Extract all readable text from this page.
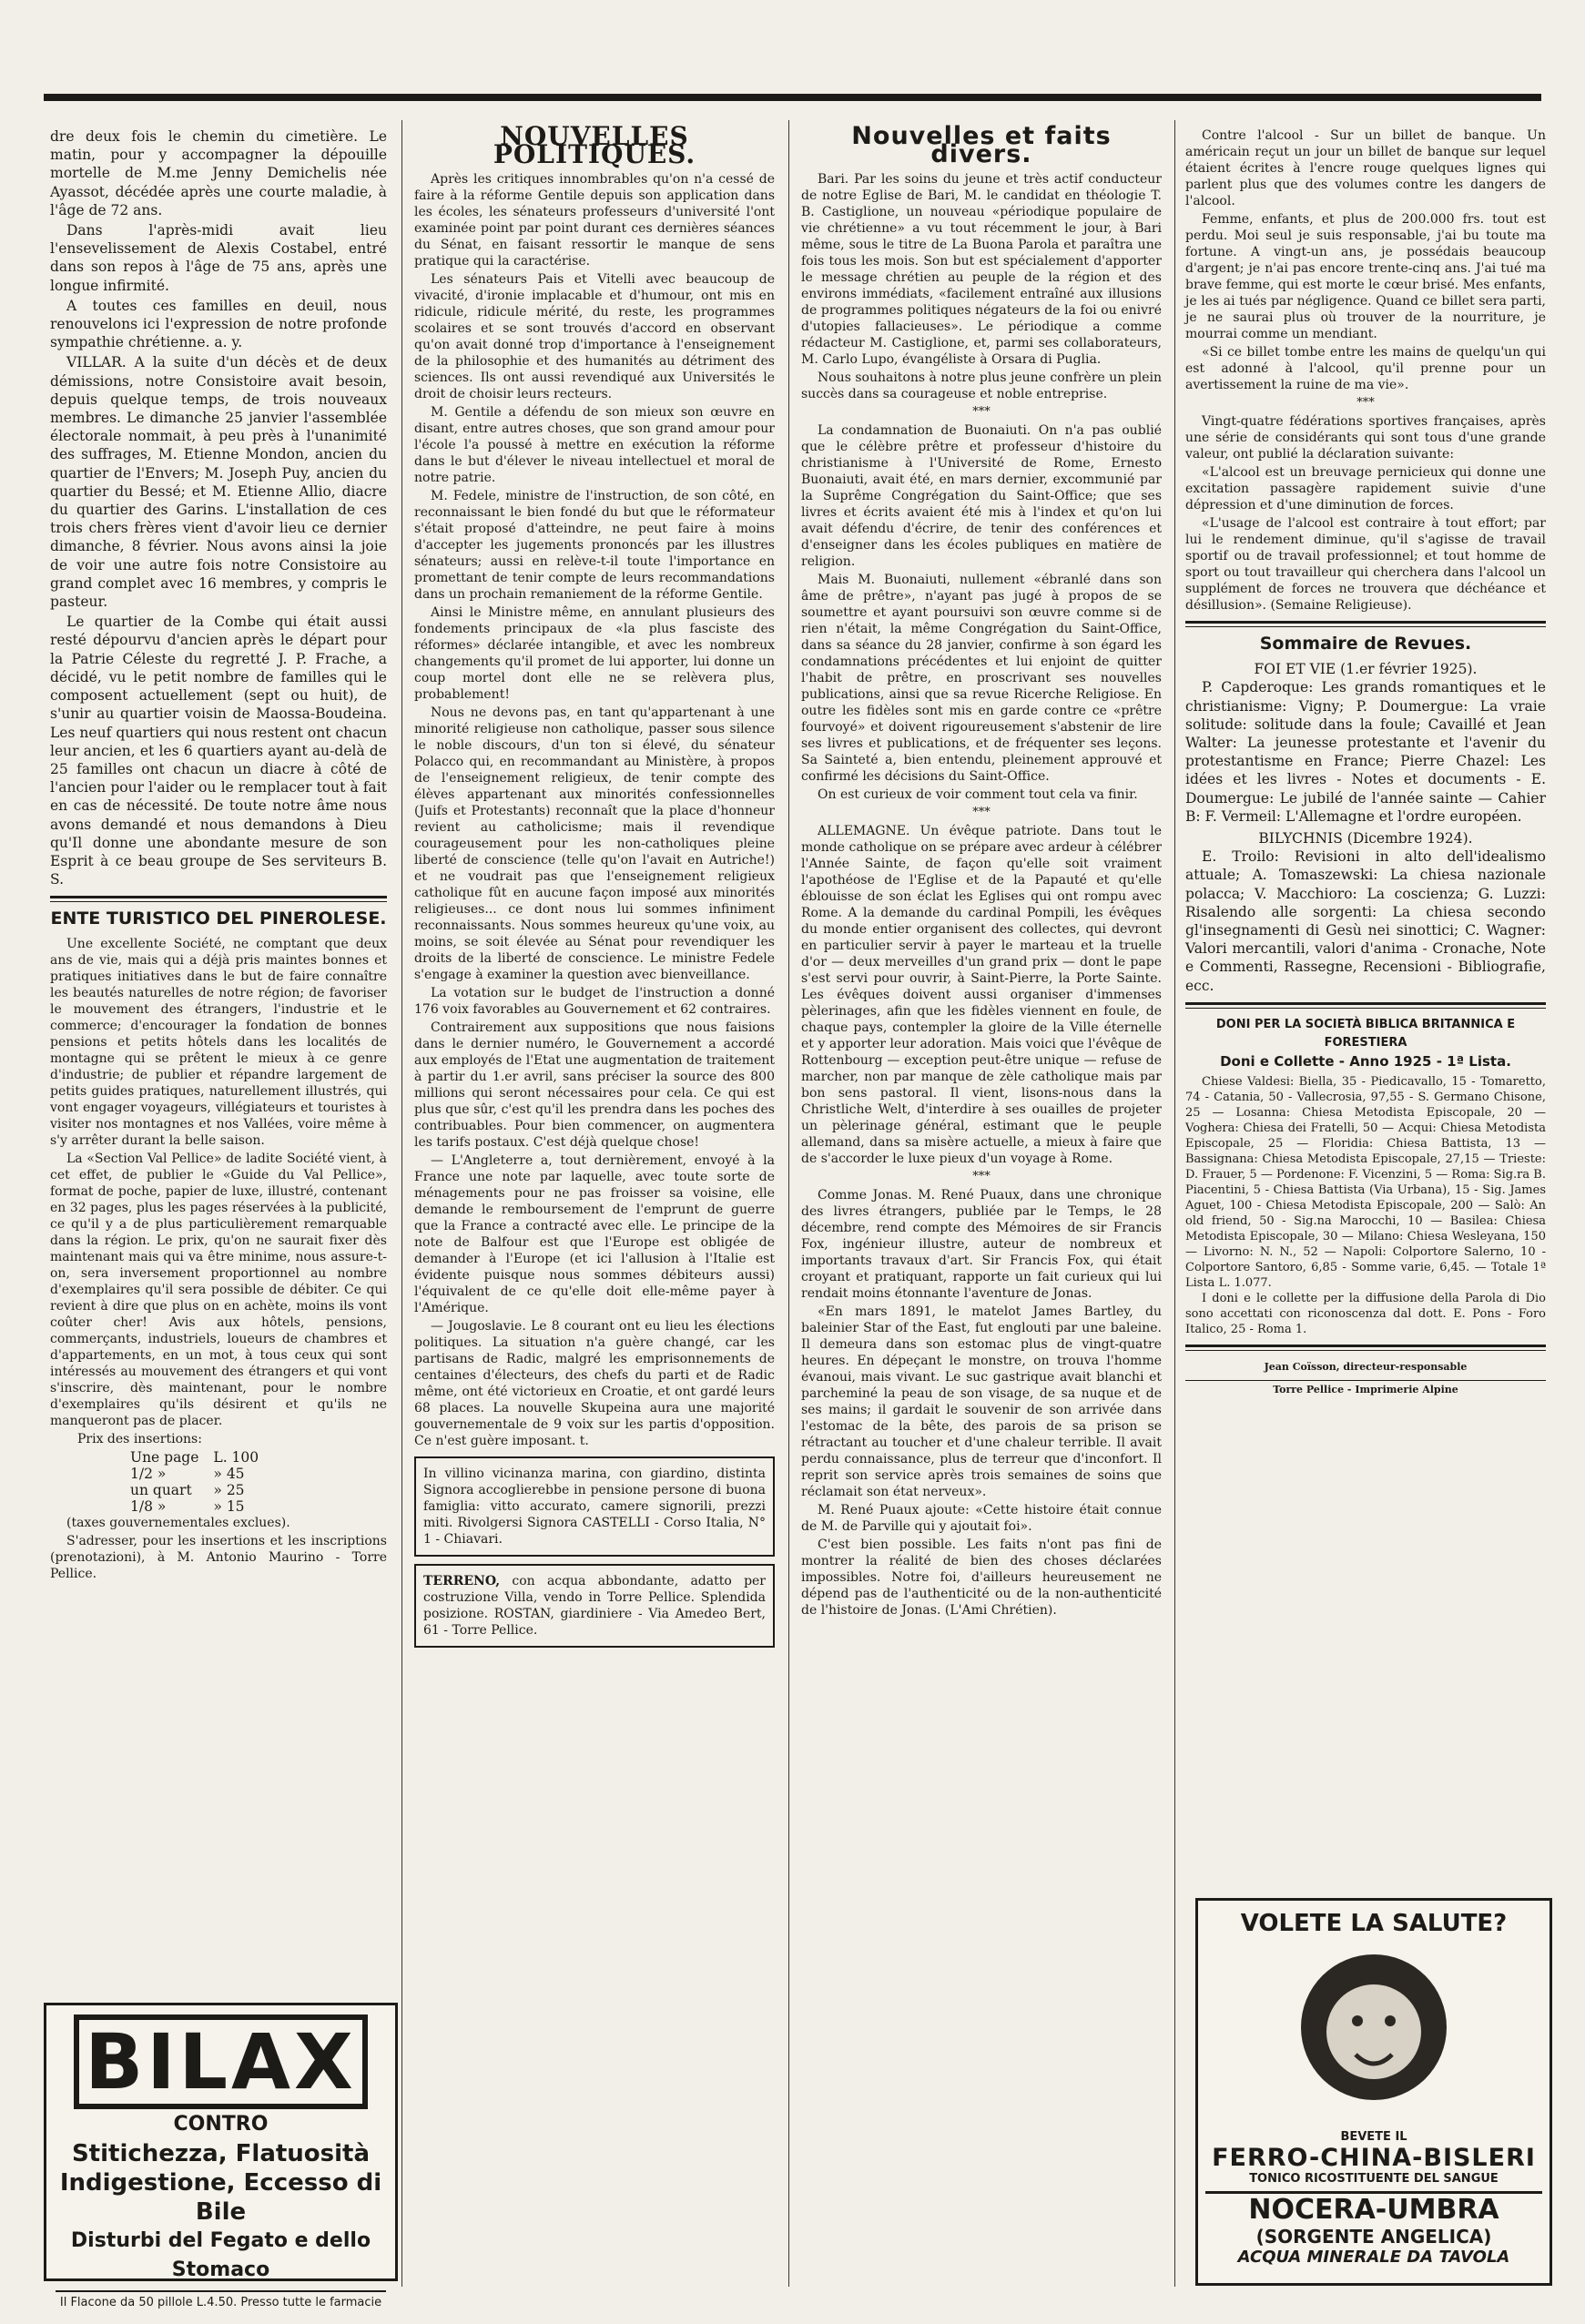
dre deux fois le chemin du cimetière. Le matin, pour y accompagner la dépouille mortelle de M.me Jenny Demichelis née Ayassot, décédée après une courte maladie, à l'âge de 72 ans.

Dans l'après-midi avait lieu l'ensevelissement de Alexis Costabel, entré dans son repos à l'âge de 75 ans, après une longue infirmité.

A toutes ces familles en deuil, nous renouvelons ici l'expression de notre profonde sympathie chrétienne. a. y.

VILLAR. A la suite d'un décès et de deux démissions, notre Consistoire avait besoin, depuis quelque temps, de trois nouveaux membres. Le dimanche 25 janvier l'assemblée électorale nommait, à peu près à l'unanimité des suffrages, M. Etienne Mondon, ancien du quartier de l'Envers; M. Joseph Puy, ancien du quartier du Bessé; et M. Etienne Allio, diacre du quartier des Garins. L'installation de ces trois chers frères vient d'avoir lieu ce dernier dimanche, 8 février. Nous avons ainsi la joie de voir une autre fois notre Consistoire au grand complet avec 16 membres, y compris le pasteur.

Le quartier de la Combe qui était aussi resté dépourvu d'ancien après le départ pour la Patrie Céleste du regretté J. P. Frache, a décidé, vu le petit nombre de familles qui le composent actuellement (sept ou huit), de s'unir au quartier voisin de Maossa-Boudeina. Les neuf quartiers qui nous restent ont chacun leur ancien, et les 6 quartiers ayant au-delà de 25 familles ont chacun un diacre à côté de l'ancien pour l'aider ou le remplacer tout à fait en cas de nécessité. De toute notre âme nous avons demandé et nous demandons à Dieu qu'Il donne une abondante mesure de son Esprit à ce beau groupe de Ses serviteurs B. S.

ENTE TURISTICO DEL PINEROLESE.

Une excellente Société, ne comptant que deux ans de vie, mais qui a déjà pris maintes bonnes et pratiques initiatives dans le but de faire connaître les beautés naturelles de notre région; de favoriser le mouvement des étrangers, l'industrie et le commerce; d'encourager la fondation de bonnes pensions et petits hôtels dans les localités de montagne qui se prêtent le mieux à ce genre d'industrie; de publier et répandre largement de petits guides pratiques, naturellement illustrés, qui vont engager voyageurs, villégiateurs et touristes à visiter nos montagnes et nos Vallées, voire même à s'y arrêter durant la belle saison.

La «Section Val Pellice» de ladite Société vient, à cet effet, de publier le «Guide du Val Pellice», format de poche, papier de luxe, illustré, contenant en 32 pages, plus les pages réservées à la publicité, ce qu'il y a de plus particulièrement remarquable dans la région. Le prix, qu'on ne saurait fixer dès maintenant mais qui va être minime, nous assure-t-on, sera inversement proportionnel au nombre d'exemplaires qu'il sera possible de débiter. Ce qui revient à dire que plus on en achète, moins ils vont coûter cher! Avis aux hôtels, pensions, commerçants, industriels, loueurs de chambres et d'appartements, en un mot, à tous ceux qui sont intéressés au mouvement des étrangers et qui vont s'inscrire, dès maintenant, pour le nombre d'exemplaires qu'ils désirent et qu'ils ne manqueront pas de placer.

Prix des insertions:

Une page	L. 100
1/2 »	» 45
un quart	» 25
1/8 »	» 15

(taxes gouvernementales exclues).

S'adresser, pour les insertions et les inscriptions (prenotazioni), à M. Antonio Maurino - Torre Pellice.

BILAX
CONTRO
Stitichezza, Flatuosità
Indigestione, Eccesso di Bile
Disturbi del Fegato e dello Stomaco
Il Flacone da 50 pillole L.4.50. Presso tutte le farmacie
NOUVELLES POLITIQUES.

Après les critiques innombrables qu'on n'a cessé de faire à la réforme Gentile depuis son application dans les écoles, les sénateurs professeurs d'université l'ont examinée point par point durant ces dernières séances du Sénat, en faisant ressortir le manque de sens pratique qui la caractérise.

Les sénateurs Pais et Vitelli avec beaucoup de vivacité, d'ironie implacable et d'humour, ont mis en ridicule, ridicule mérité, du reste, les programmes scolaires et se sont trouvés d'accord en observant qu'on avait donné trop d'importance à l'enseignement de la philosophie et des humanités au détriment des sciences. Ils ont aussi revendiqué aux Universités le droit de choisir leurs recteurs.

M. Gentile a défendu de son mieux son œuvre en disant, entre autres choses, que son grand amour pour l'école l'a poussé à mettre en exécution la réforme dans le but d'élever le niveau intellectuel et moral de notre patrie.

M. Fedele, ministre de l'instruction, de son côté, en reconnaissant le bien fondé du but que le réformateur s'était proposé d'atteindre, ne peut faire à moins d'accepter les jugements prononcés par les illustres sénateurs; aussi en relève-t-il toute l'importance en promettant de tenir compte de leurs recommandations dans un prochain remaniement de la réforme Gentile.

Ainsi le Ministre même, en annulant plusieurs des fondements principaux de «la plus fasciste des réformes» déclarée intangible, et avec les nombreux changements qu'il promet de lui apporter, lui donne un coup mortel dont elle ne se relèvera plus, probablement!

Nous ne devons pas, en tant qu'appartenant à une minorité religieuse non catholique, passer sous silence le noble discours, d'un ton si élevé, du sénateur Polacco qui, en recommandant au Ministère, à propos de l'enseignement religieux, de tenir compte des élèves appartenant aux minorités confessionnelles (Juifs et Protestants) reconnaît que la place d'honneur revient au catholicisme; mais il revendique courageusement pour les non-catholiques pleine liberté de conscience (telle qu'on l'avait en Autriche!) et ne voudrait pas que l'enseignement religieux catholique fût en aucune façon imposé aux minorités religieuses... ce dont nous lui sommes infiniment reconnaissants. Nous sommes heureux qu'une voix, au moins, se soit élevée au Sénat pour revendiquer les droits de la liberté de conscience. Le ministre Fedele s'engage à examiner la question avec bienveillance.

La votation sur le budget de l'instruction a donné 176 voix favorables au Gouvernement et 62 contraires.

Contrairement aux suppositions que nous faisions dans le dernier numéro, le Gouvernement a accordé aux employés de l'Etat une augmentation de traitement à partir du 1.er avril, sans préciser la source des 800 millions qui seront nécessaires pour cela. Ce qui est plus que sûr, c'est qu'il les prendra dans les poches des contribuables. Pour bien commencer, on augmentera les tarifs postaux. C'est déjà quelque chose!

— L'Angleterre a, tout dernièrement, envoyé à la France une note par laquelle, avec toute sorte de ménagements pour ne pas froisser sa voisine, elle demande le remboursement de l'emprunt de guerre que la France a contracté avec elle. Le principe de la note de Balfour est que l'Europe est obligée de demander à l'Europe (et ici l'allusion à l'Italie est évidente puisque nous sommes débiteurs aussi) l'équivalent de ce qu'elle doit elle-même payer à l'Amérique.

— Jougoslavie. Le 8 courant ont eu lieu les élections politiques. La situation n'a guère changé, car les partisans de Radic, malgré les emprisonnements de centaines d'électeurs, des chefs du parti et de Radic même, ont été victorieux en Croatie, et ont gardé leurs 68 places. La nouvelle Skupeina aura une majorité gouvernementale de 9 voix sur les partis d'opposition. Ce n'est guère imposant. t.

In villino vicinanza marina, con giardino, distinta Signora accoglierebbe in pensione persone di buona famiglia: vitto accurato, camere signorili, prezzi miti. Rivolgersi Signora CASTELLI - Corso Italia, N° 1 - Chiavari.
TERRENO, con acqua abbondante, adatto per costruzione Villa, vendo in Torre Pellice. Splendida posizione. ROSTAN, giardiniere - Via Amedeo Bert, 61 - Torre Pellice.
Nouvelles et faits divers.

Bari. Par les soins du jeune et très actif conducteur de notre Eglise de Bari, M. le candidat en théologie T. B. Castiglione, un nouveau «périodique populaire de vie chrétienne» a vu tout récemment le jour, à Bari même, sous le titre de La Buona Parola et paraîtra une fois tous les mois. Son but est spécialement d'apporter le message chrétien au peuple de la région et des environs immédiats, «facilement entraîné aux illusions de programmes politiques négateurs de la foi ou enivré d'utopies fallacieuses». Le périodique a comme rédacteur M. Castiglione, et, parmi ses collaborateurs, M. Carlo Lupo, évangéliste à Orsara di Puglia.

Nous souhaitons à notre plus jeune confrère un plein succès dans sa courageuse et noble entreprise.

***

La condamnation de Buonaiuti. On n'a pas oublié que le célèbre prêtre et professeur d'histoire du christianisme à l'Université de Rome, Ernesto Buonaiuti, avait été, en mars dernier, excommunié par la Suprême Congrégation du Saint-Office; que ses livres et écrits avaient été mis à l'index et qu'on lui avait défendu d'écrire, de tenir des conférences et d'enseigner dans les écoles publiques en matière de religion.

Mais M. Buonaiuti, nullement «ébranlé dans son âme de prêtre», n'ayant pas jugé à propos de se soumettre et ayant poursuivi son œuvre comme si de rien n'était, la même Congrégation du Saint-Office, dans sa séance du 28 janvier, confirme à son égard les condamnations précédentes et lui enjoint de quitter l'habit de prêtre, en proscrivant ses nouvelles publications, ainsi que sa revue Ricerche Religiose. En outre les fidèles sont mis en garde contre ce «prêtre fourvoyé» et doivent rigoureusement s'abstenir de lire ses livres et publications, et de fréquenter ses leçons. Sa Sainteté a, bien entendu, pleinement approuvé et confirmé les décisions du Saint-Office.

On est curieux de voir comment tout cela va finir.

***

ALLEMAGNE. Un évêque patriote. Dans tout le monde catholique on se prépare avec ardeur à célébrer l'Année Sainte, de façon qu'elle soit vraiment l'apothéose de l'Eglise et de la Papauté et qu'elle éblouisse de son éclat les Eglises qui ont rompu avec Rome. A la demande du cardinal Pompili, les évêques du monde entier organisent des collectes, qui devront en particulier servir à payer le marteau et la truelle d'or — deux merveilles d'un grand prix — dont le pape s'est servi pour ouvrir, à Saint-Pierre, la Porte Sainte. Les évêques doivent aussi organiser d'immenses pèlerinages, afin que les fidèles viennent en foule, de chaque pays, contempler la gloire de la Ville éternelle et y apporter leur adoration. Mais voici que l'évêque de Rottenbourg — exception peut-être unique — refuse de marcher, non par manque de zèle catholique mais par bon sens pastoral. Il vient, lisons-nous dans la Christliche Welt, d'interdire à ses ouailles de projeter un pèlerinage général, estimant que le peuple allemand, dans sa misère actuelle, a mieux à faire que de s'accorder le luxe pieux d'un voyage à Rome.

***

Comme Jonas. M. René Puaux, dans une chronique des livres étrangers, publiée par le Temps, le 28 décembre, rend compte des Mémoires de sir Francis Fox, ingénieur illustre, auteur de nombreux et importants travaux d'art. Sir Francis Fox, qui était croyant et pratiquant, rapporte un fait curieux qui lui rendait moins étonnante l'aventure de Jonas.

«En mars 1891, le matelot James Bartley, du baleinier Star of the East, fut englouti par une baleine. Il demeura dans son estomac plus de vingt-quatre heures. En dépeçant le monstre, on trouva l'homme évanoui, mais vivant. Le suc gastrique avait blanchi et parcheminé la peau de son visage, de sa nuque et de ses mains; il gardait le souvenir de son arrivée dans l'estomac de la bête, des parois de sa prison se rétractant au toucher et d'une chaleur terrible. Il avait perdu connaissance, plus de terreur que d'inconfort. Il reprit son service après trois semaines de soins que réclamait son état nerveux».

M. René Puaux ajoute: «Cette histoire était connue de M. de Parville qui y ajoutait foi».

C'est bien possible. Les faits n'ont pas fini de montrer la réalité de bien des choses déclarées impossibles. Notre foi, d'ailleurs heureusement ne dépend pas de l'authenticité ou de la non-authenticité de l'histoire de Jonas. (L'Ami Chrétien).

Contre l'alcool - Sur un billet de banque. Un américain reçut un jour un billet de banque sur lequel étaient écrites à l'encre rouge quelques lignes qui parlent plus que des volumes contre les dangers de l'alcool.

Femme, enfants, et plus de 200.000 frs. tout est perdu. Moi seul je suis responsable, j'ai bu toute ma fortune. A vingt-un ans, je possédais beaucoup d'argent; je n'ai pas encore trente-cinq ans. J'ai tué ma brave femme, qui est morte le cœur brisé. Mes enfants, je les ai tués par négligence. Quand ce billet sera parti, je ne saurai plus où trouver de la nourriture, je mourrai comme un mendiant.

«Si ce billet tombe entre les mains de quelqu'un qui est adonné à l'alcool, qu'il prenne pour un avertissement la ruine de ma vie».

***

Vingt-quatre fédérations sportives françaises, après une série de considérants qui sont tous d'une grande valeur, ont publié la déclaration suivante:

«L'alcool est un breuvage pernicieux qui donne une excitation passagère rapidement suivie d'une dépression et d'une diminution de forces.

«L'usage de l'alcool est contraire à tout effort; par lui le rendement diminue, qu'il s'agisse de travail sportif ou de travail professionnel; et tout homme de sport ou tout travailleur qui cherchera dans l'alcool un supplément de forces ne trouvera que déchéance et désillusion». (Semaine Religieuse).

Sommaire de Revues.
FOI ET VIE (1.er février 1925).

P. Capderoque: Les grands romantiques et le christianisme: Vigny; P. Doumergue: La vraie solitude: solitude dans la foule; Cavaillé et Jean Walter: La jeunesse protestante et l'avenir du protestantisme en France; Pierre Chazel: Les idées et les livres - Notes et documents - E. Doumergue: Le jubilé de l'année sainte — Cahier B: F. Vermeil: L'Allemagne et l'ordre européen.

BILYCHNIS (Dicembre 1924).

E. Troilo: Revisioni in alto dell'idealismo attuale; A. Tomaszewski: La chiesa nazionale polacca; V. Macchioro: La coscienza; G. Luzzi: Risalendo alle sorgenti: La chiesa secondo gl'insegnamenti di Gesù nei sinottici; C. Wagner: Valori mercantili, valori d'anima - Cronache, Note e Commenti, Rassegne, Recensioni - Bibliografie, ecc.

DONI PER LA SOCIETÀ BIBLICA BRITANNICA E FORESTIERA
Doni e Collette - Anno 1925 - 1ª Lista.

Chiese Valdesi: Biella, 35 - Piedicavallo, 15 - Tomaretto, 74 - Catania, 50 - Vallecrosia, 97,55 - S. Germano Chisone, 25 — Losanna: Chiesa Metodista Episcopale, 20 — Voghera: Chiesa dei Fratelli, 50 — Acqui: Chiesa Metodista Episcopale, 25 — Floridia: Chiesa Battista, 13 — Bassignana: Chiesa Metodista Episcopale, 27,15 — Trieste: D. Frauer, 5 — Pordenone: F. Vicenzini, 5 — Roma: Sig.ra B. Piacentini, 5 - Chiesa Battista (Via Urbana), 15 - Sig. James Aguet, 100 - Chiesa Metodista Episcopale, 200 — Salò: An old friend, 50 - Sig.na Marocchi, 10 — Basilea: Chiesa Metodista Episcopale, 30 — Milano: Chiesa Wesleyana, 150 — Livorno: N. N., 52 — Napoli: Colportore Salerno, 10 - Colportore Santoro, 6,85 - Somme varie, 6,45. — Totale 1ª Lista L. 1.077.

I doni e le collette per la diffusione della Parola di Dio sono accettati con riconoscenza dal dott. E. Pons - Foro Italico, 25 - Roma 1.

Jean Coïsson, directeur-responsable
Torre Pellice - Imprimerie Alpine
VOLETE LA SALUTE?
BEVETE IL
FERRO-CHINA-BISLERI
TONICO RICOSTITUENTE DEL SANGUE
NOCERA-UMBRA
(SORGENTE ANGELICA)
ACQUA MINERALE DA TAVOLA
